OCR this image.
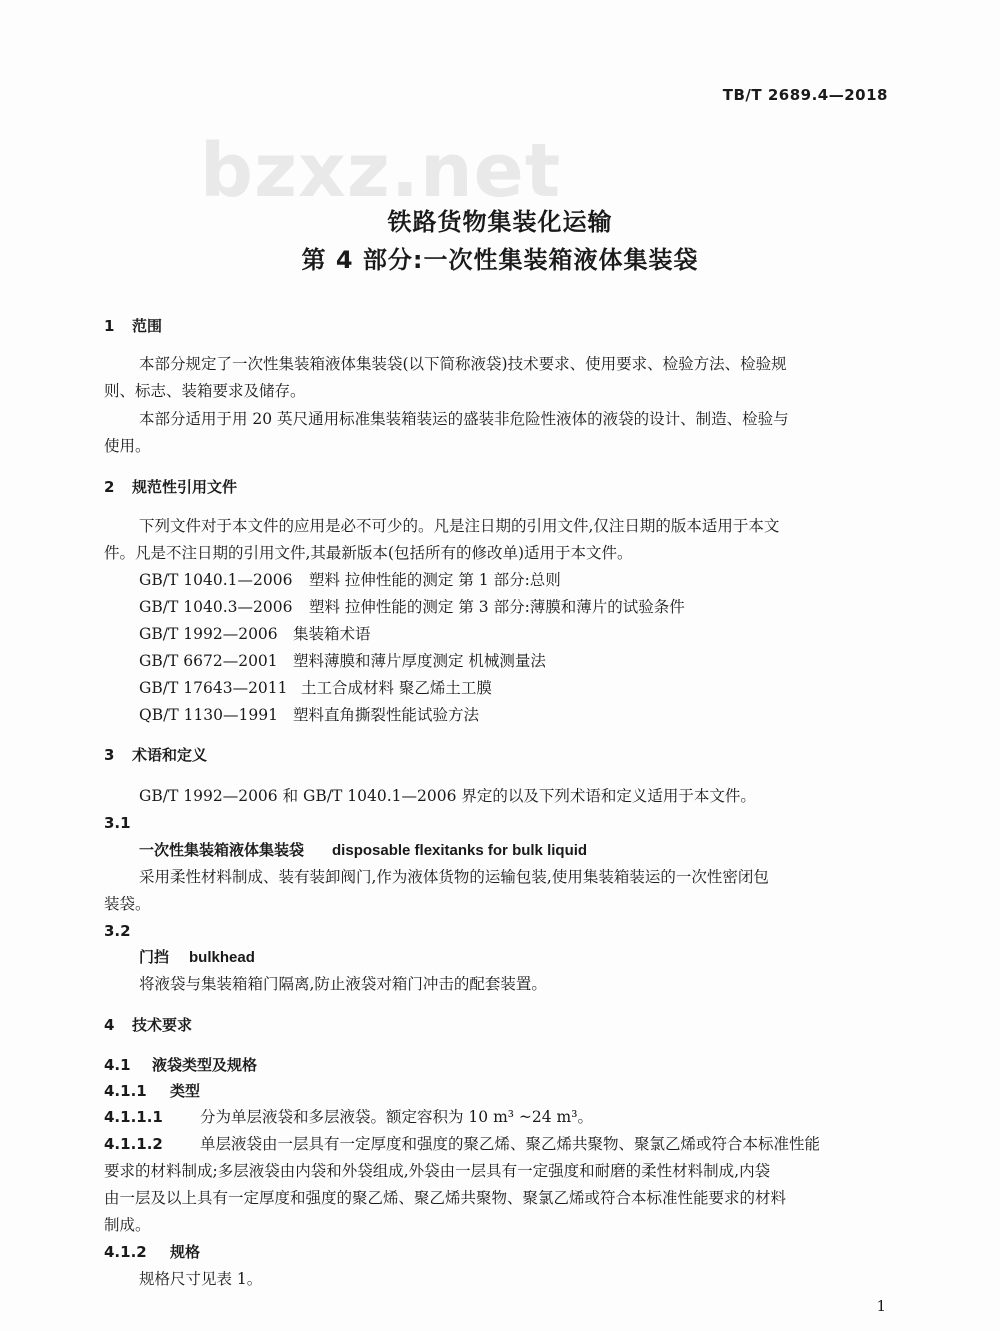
bzxz.net
TB/T 2689.4—2018
铁路货物集装化运输
第 4 部分:一次性集装箱液体集装袋
1 范围
本部分规定了一次性集装箱液体集装袋(以下简称液袋)技术要求、使用要求、检验方法、检验规
则、标志、装箱要求及储存。
本部分适用于用 20 英尺通用标准集装箱装运的盛装非危险性液体的液袋的设计、制造、检验与
使用。
2 规范性引用文件
下列文件对于本文件的应用是必不可少的。凡是注日期的引用文件,仅注日期的版本适用于本文
件。凡是不注日期的引用文件,其最新版本(包括所有的修改单)适用于本文件。
GB/T 1040.1—2006 塑料 拉伸性能的测定 第 1 部分:总则
GB/T 1040.3—2006 塑料 拉伸性能的测定 第 3 部分:薄膜和薄片的试验条件
GB/T 1992—2006 集装箱术语
GB/T 6672—2001 塑料薄膜和薄片厚度测定 机械测量法
GB/T 17643—2011 土工合成材料 聚乙烯土工膜
QB/T 1130—1991 塑料直角撕裂性能试验方法
3 术语和定义
GB/T 1992—2006 和 GB/T 1040.1—2006 界定的以及下列术语和定义适用于本文件。
3.1
一次性集装箱液体集装袋 disposable flexitanks for bulk liquid
采用柔性材料制成、装有装卸阀门,作为液体货物的运输包装,使用集装箱装运的一次性密闭包
装袋。
3.2
门挡 bulkhead
将液袋与集装箱箱门隔离,防止液袋对箱门冲击的配套装置。
4 技术要求
4.1 液袋类型及规格
4.1.1 类型
4.1.1.1 分为单层液袋和多层液袋。额定容积为 10 m³ ~24 m³。
4.1.1.2 单层液袋由一层具有一定厚度和强度的聚乙烯、聚乙烯共聚物、聚氯乙烯或符合本标准性能
要求的材料制成;多层液袋由内袋和外袋组成,外袋由一层具有一定强度和耐磨的柔性材料制成,内袋
由一层及以上具有一定厚度和强度的聚乙烯、聚乙烯共聚物、聚氯乙烯或符合本标准性能要求的材料
制成。
4.1.2 规格
规格尺寸见表 1。
1
